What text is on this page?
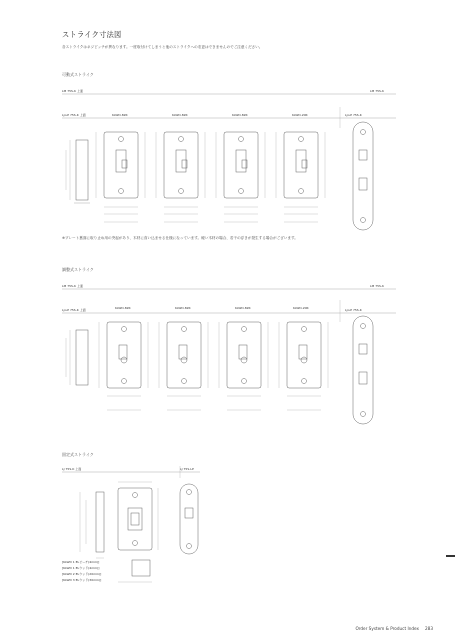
ストライク寸法図
各ストライクはネジピッチが異なります。一度取付けてしまうと他のストライクへの変更はできませんのでご注意ください。
可動式ストライク
LM 75S-K 上面	LM 75S-K
LJ-LP 75S-K 上面	LJ-LP 75S-K
KLWD-82R	KLWD-82R	KLWD-82R	KLWD-20R
※プレート裏面に取り止め用の突起があり、木材に食い込ませる仕様になっています。硬い木材の場合、若干の浮きが発生する場合がございます。
調整式ストライク
LM 75S-K 上面	LM 75S-K
LJ-LP 75S-K 上面	LJ-LP 75S-K
KLWD-82R	KLWD-82R	KLWD-82R	KLWD-20R
固定式ストライク
LJ 75S-K 上面	LJ 75S-LP
[KLWD 1 ELビーチ(4mm)]
[KLWD 1 ELウッド(4mm)]
[KLWD 2 ELウッド(20mm)]
[KLWD 3 ELウッド(30mm)]
Order System & Product Index 283
